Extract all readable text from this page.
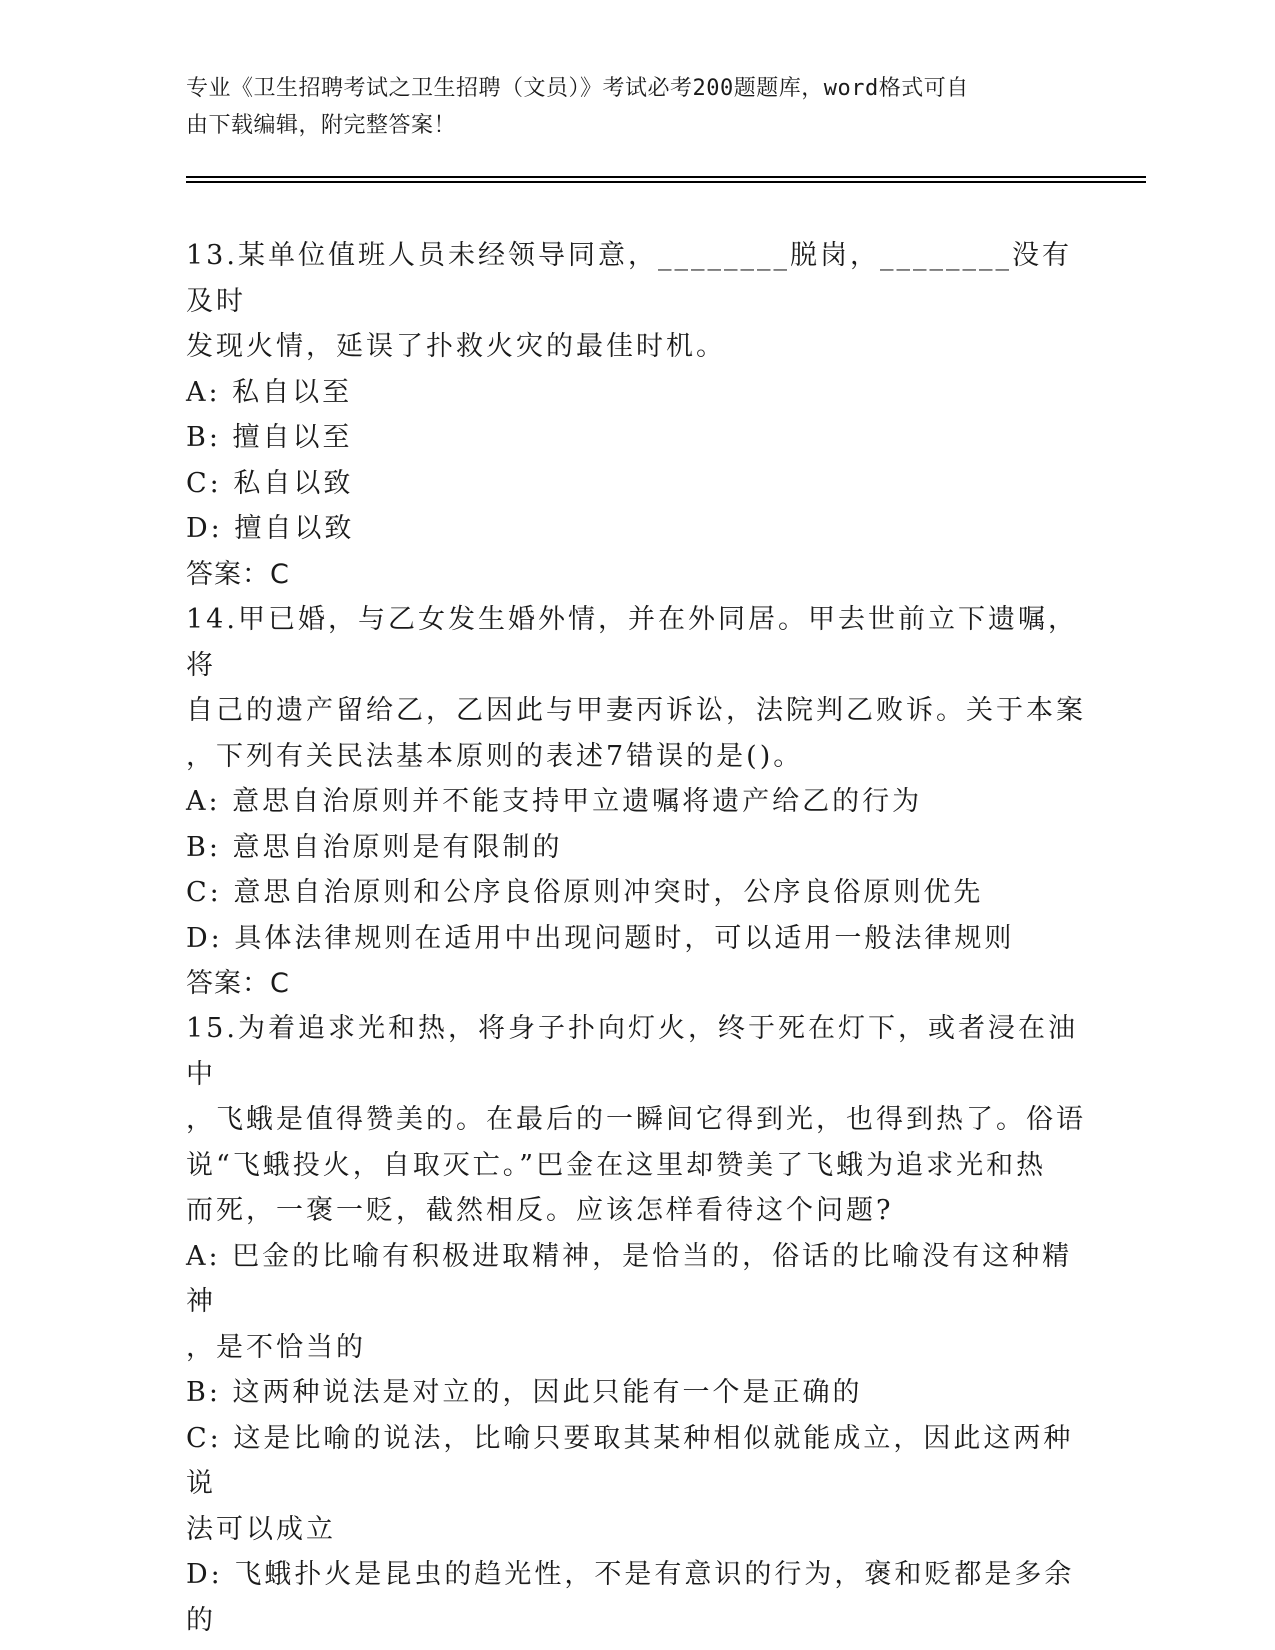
专业《卫生招聘考试之卫生招聘（文员）》考试必考200题题库，word格式可自

由下载编辑，附完整答案！

13.某单位值班人员未经领导同意，________脱岗，________没有及时

发现火情，延误了扑救火灾的最佳时机。

A: 私自以至
B: 擅自以至
C: 私自以致
D: 擅自以致

答案：C

14.甲已婚，与乙女发生婚外情，并在外同居。甲去世前立下遗嘱，将

自己的遗产留给乙，乙因此与甲妻丙诉讼，法院判乙败诉。关于本案

，下列有关民法基本原则的表述7错误的是()。

A: 意思自治原则并不能支持甲立遗嘱将遗产给乙的行为
B: 意思自治原则是有限制的
C: 意思自治原则和公序良俗原则冲突时，公序良俗原则优先
D: 具体法律规则在适用中出现问题时，可以适用一般法律规则

答案：C

15.为着追求光和热，将身子扑向灯火，终于死在灯下，或者浸在油中

，飞蛾是值得赞美的。在最后的一瞬间它得到光，也得到热了。俗语

说“飞蛾投火，自取灭亡。”巴金在这里却赞美了飞蛾为追求光和热

而死，一褒一贬，截然相反。应该怎样看待这个问题?

A: 巴金的比喻有积极进取精神，是恰当的，俗话的比喻没有这种精神
，是不恰当的
B: 这两种说法是对立的，因此只能有一个是正确的
C: 这是比喻的说法，比喻只要取其某种相似就能成立，因此这两种说
法可以成立
D: 飞蛾扑火是昆虫的趋光性，不是有意识的行为，褒和贬都是多余的
